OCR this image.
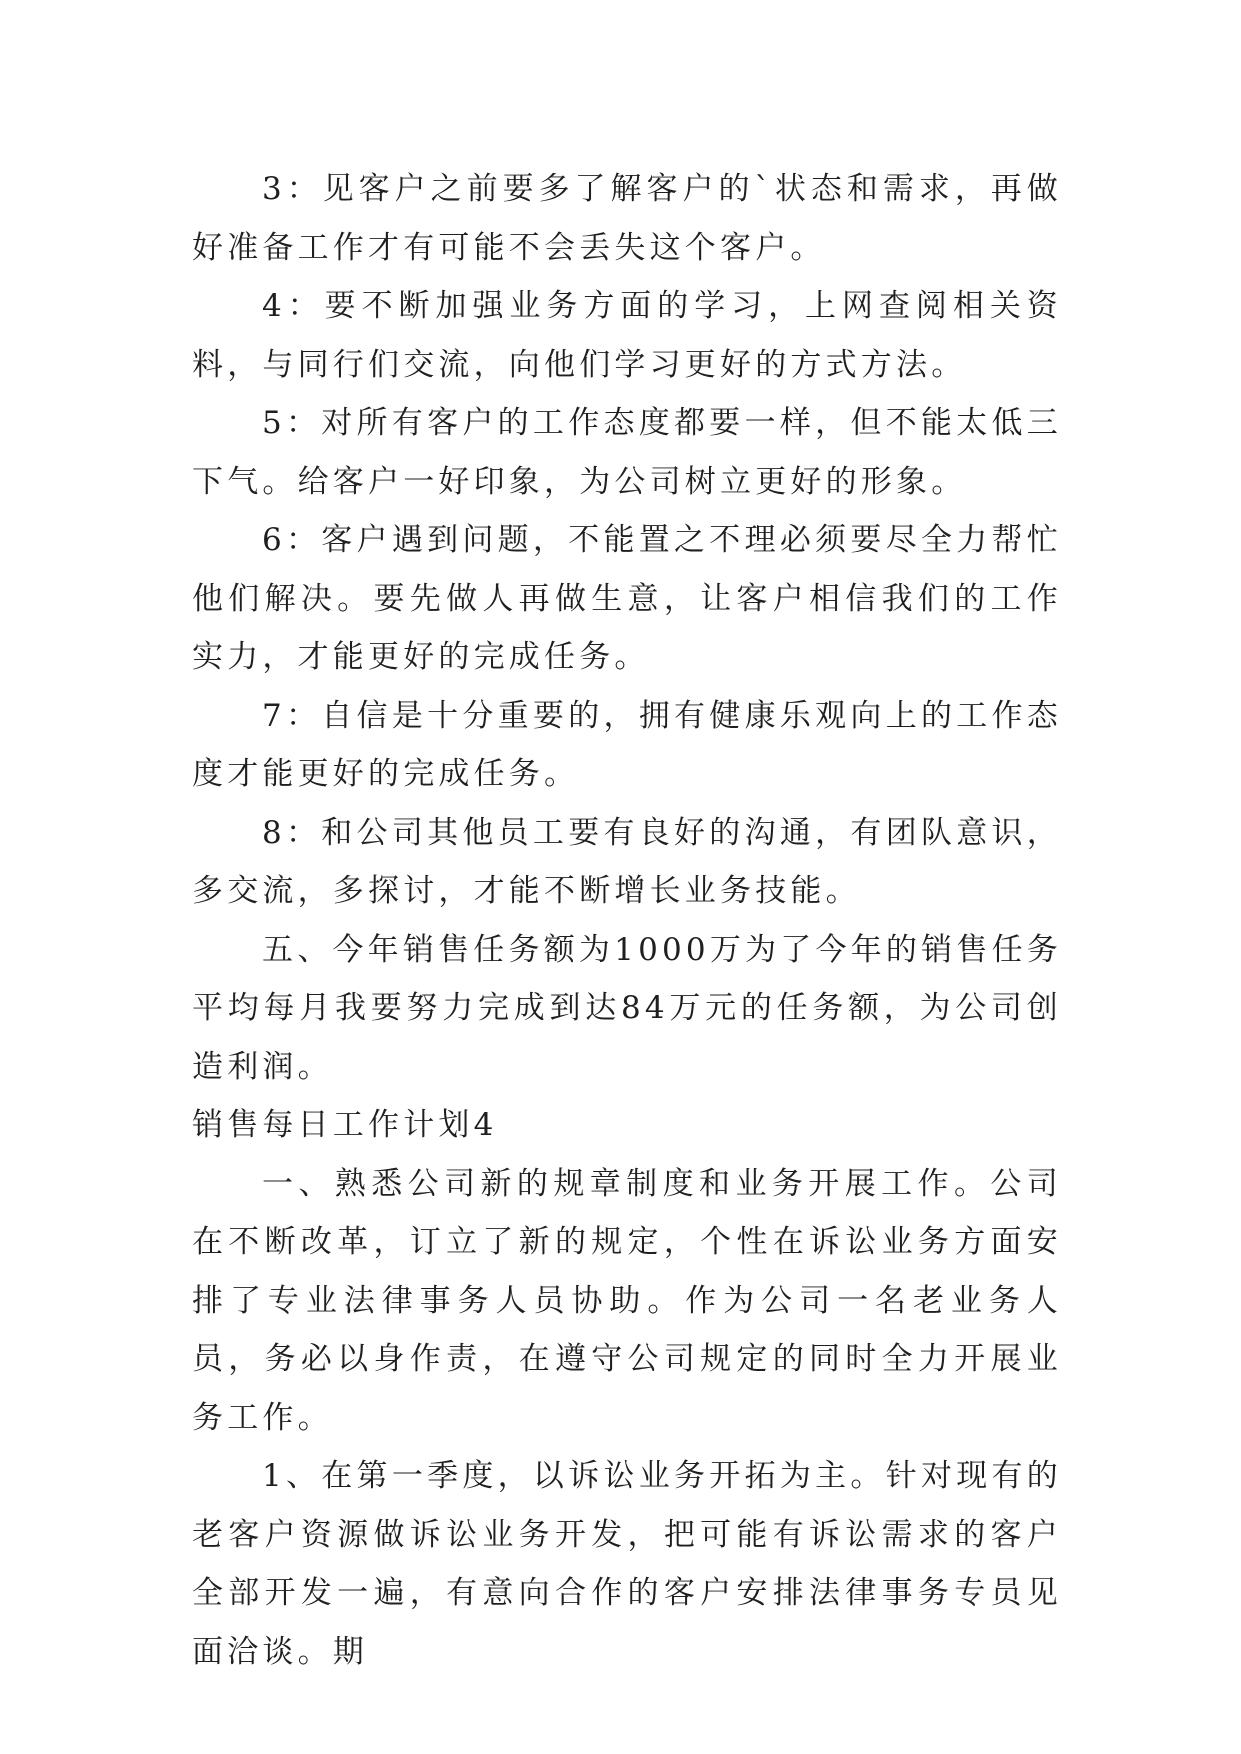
3：见客户之前要多了解客户的`状态和需求，再做好准备工作才有可能不会丢失这个客户。

4：要不断加强业务方面的学习，上网查阅相关资料，与同行们交流，向他们学习更好的方式方法。

5：对所有客户的工作态度都要一样，但不能太低三下气。给客户一好印象，为公司树立更好的形象。

6：客户遇到问题，不能置之不理必须要尽全力帮忙他们解决。要先做人再做生意，让客户相信我们的工作实力，才能更好的完成任务。

7：自信是十分重要的，拥有健康乐观向上的工作态度才能更好的完成任务。

8：和公司其他员工要有良好的沟通，有团队意识，多交流，多探讨，才能不断增长业务技能。

五、今年销售任务额为1000万为了今年的销售任务平均每月我要努力完成到达84万元的任务额，为公司创造利润。

销售每日工作计划4

一、熟悉公司新的规章制度和业务开展工作。公司在不断改革，订立了新的规定，个性在诉讼业务方面安排了专业法律事务人员协助。作为公司一名老业务人员，务必以身作责，在遵守公司规定的同时全力开展业务工作。

1、在第一季度，以诉讼业务开拓为主。针对现有的老客户资源做诉讼业务开发，把可能有诉讼需求的客户全部开发一遍，有意向合作的客户安排法律事务专员见面洽谈。期
